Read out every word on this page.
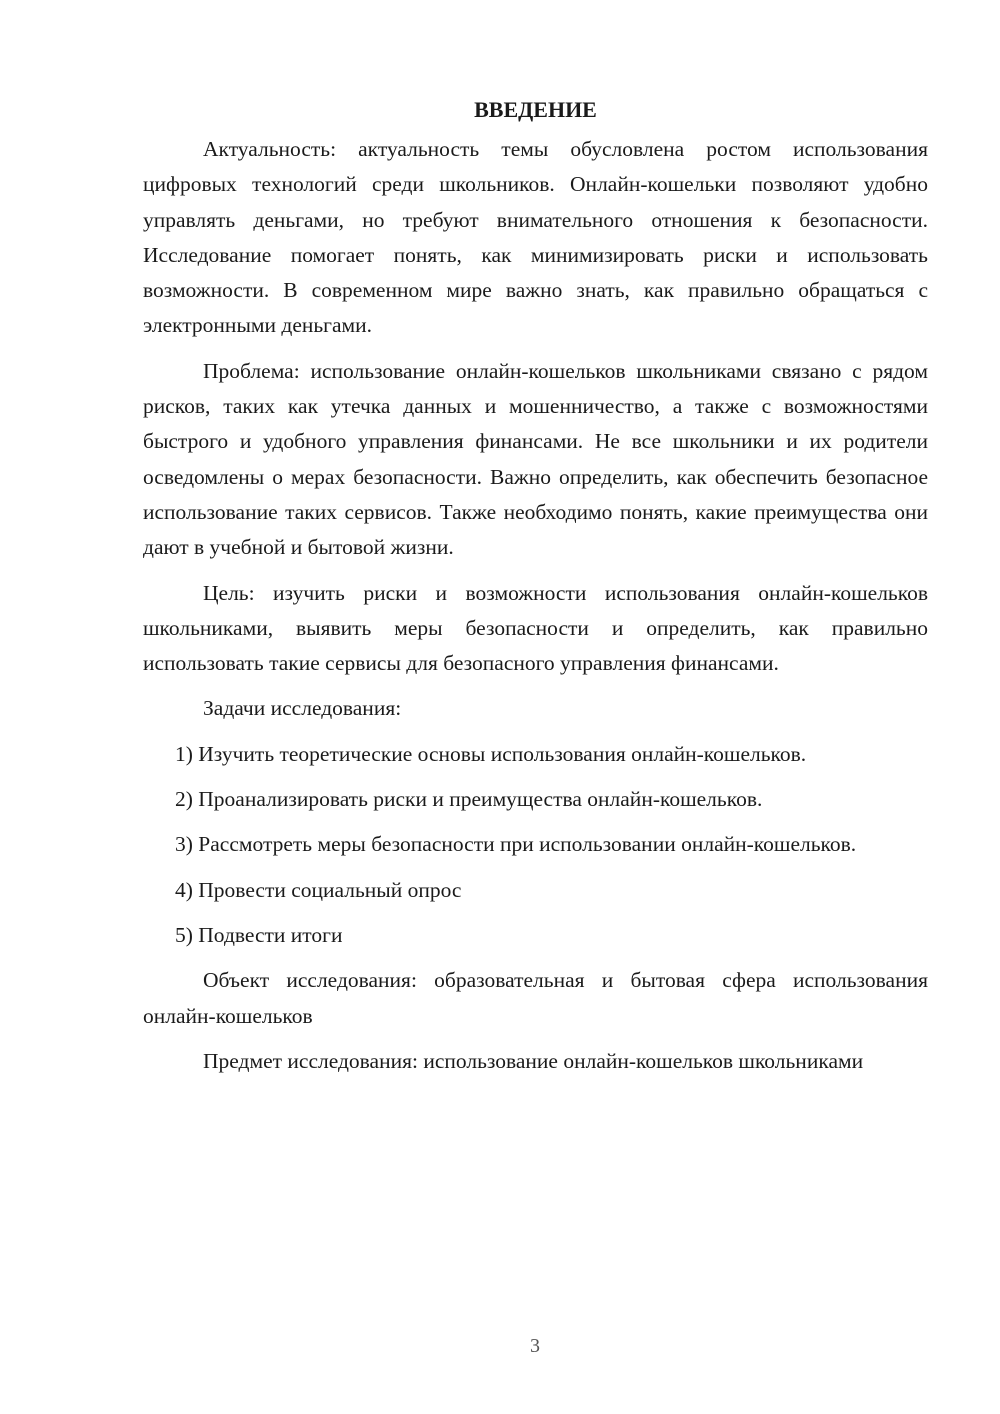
ВВЕДЕНИЕ

Актуальность: актуальность темы обусловлена ростом использования цифровых технологий среди школьников. Онлайн-кошельки позволяют удобно управлять деньгами, но требуют внимательного отношения к безопасности. Исследование помогает понять, как минимизировать риски и использовать возможности. В современном мире важно знать, как правильно обращаться с электронными деньгами.

Проблема: использование онлайн-кошельков школьниками связано с рядом рисков, таких как утечка данных и мошенничество, а также с возможностями быстрого и удобного управления финансами. Не все школьники и их родители осведомлены о мерах безопасности. Важно определить, как обеспечить безопасное использование таких сервисов. Также необходимо понять, какие преимущества они дают в учебной и бытовой жизни.

Цель: изучить риски и возможности использования онлайн-кошельков школьниками, выявить меры безопасности и определить, как правильно использовать такие сервисы для безопасного управления финансами.

Задачи исследования:

1) Изучить теоретические основы использования онлайн-кошельков.
2) Проанализировать риски и преимущества онлайн-кошельков.
3) Рассмотреть меры безопасности при использовании онлайн-кошельков.
4) Провести социальный опрос
5) Подвести итоги

Объект исследования: образовательная и бытовая сфера использования онлайн-кошельков

Предмет исследования: использование онлайн-кошельков школьниками

3
